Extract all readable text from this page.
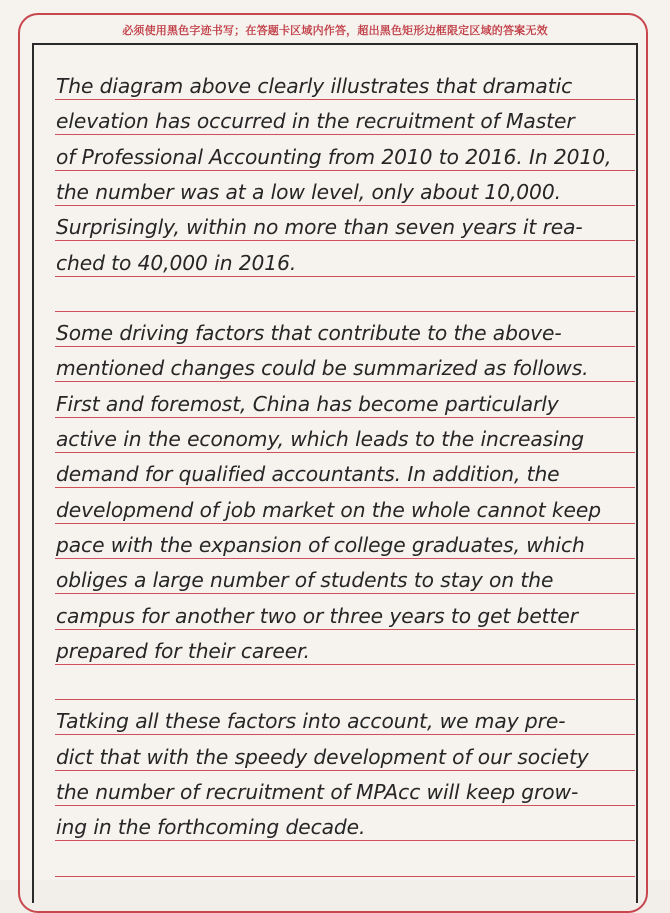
必须使用黑色字迹书写；在答题卡区域内作答，超出黑色矩形边框限定区域的答案无效
The diagram above clearly illustrates that dramatic
elevation has occurred in the recruitment of Master
of Professional Accounting from 2010 to 2016. In 2010,
the number was at a low level, only about 10,000.
Surprisingly, within no more than seven years it rea-
ched to 40,000 in 2016.
Some driving factors that contribute to the above-
mentioned changes could be summarized as follows.
First and foremost, China has become particularly
active in the economy, which leads to the increasing
demand for qualified accountants. In addition, the
developmend of job market on the whole cannot keep
pace with the expansion of college graduates, which
obliges a large number of students to stay on the
campus for another two or three years to get better
prepared for their career.
Tatking all these factors into account, we may pre-
dict that with the speedy development of our society
the number of recruitment of MPAcc will keep grow-
ing in the forthcoming decade.
